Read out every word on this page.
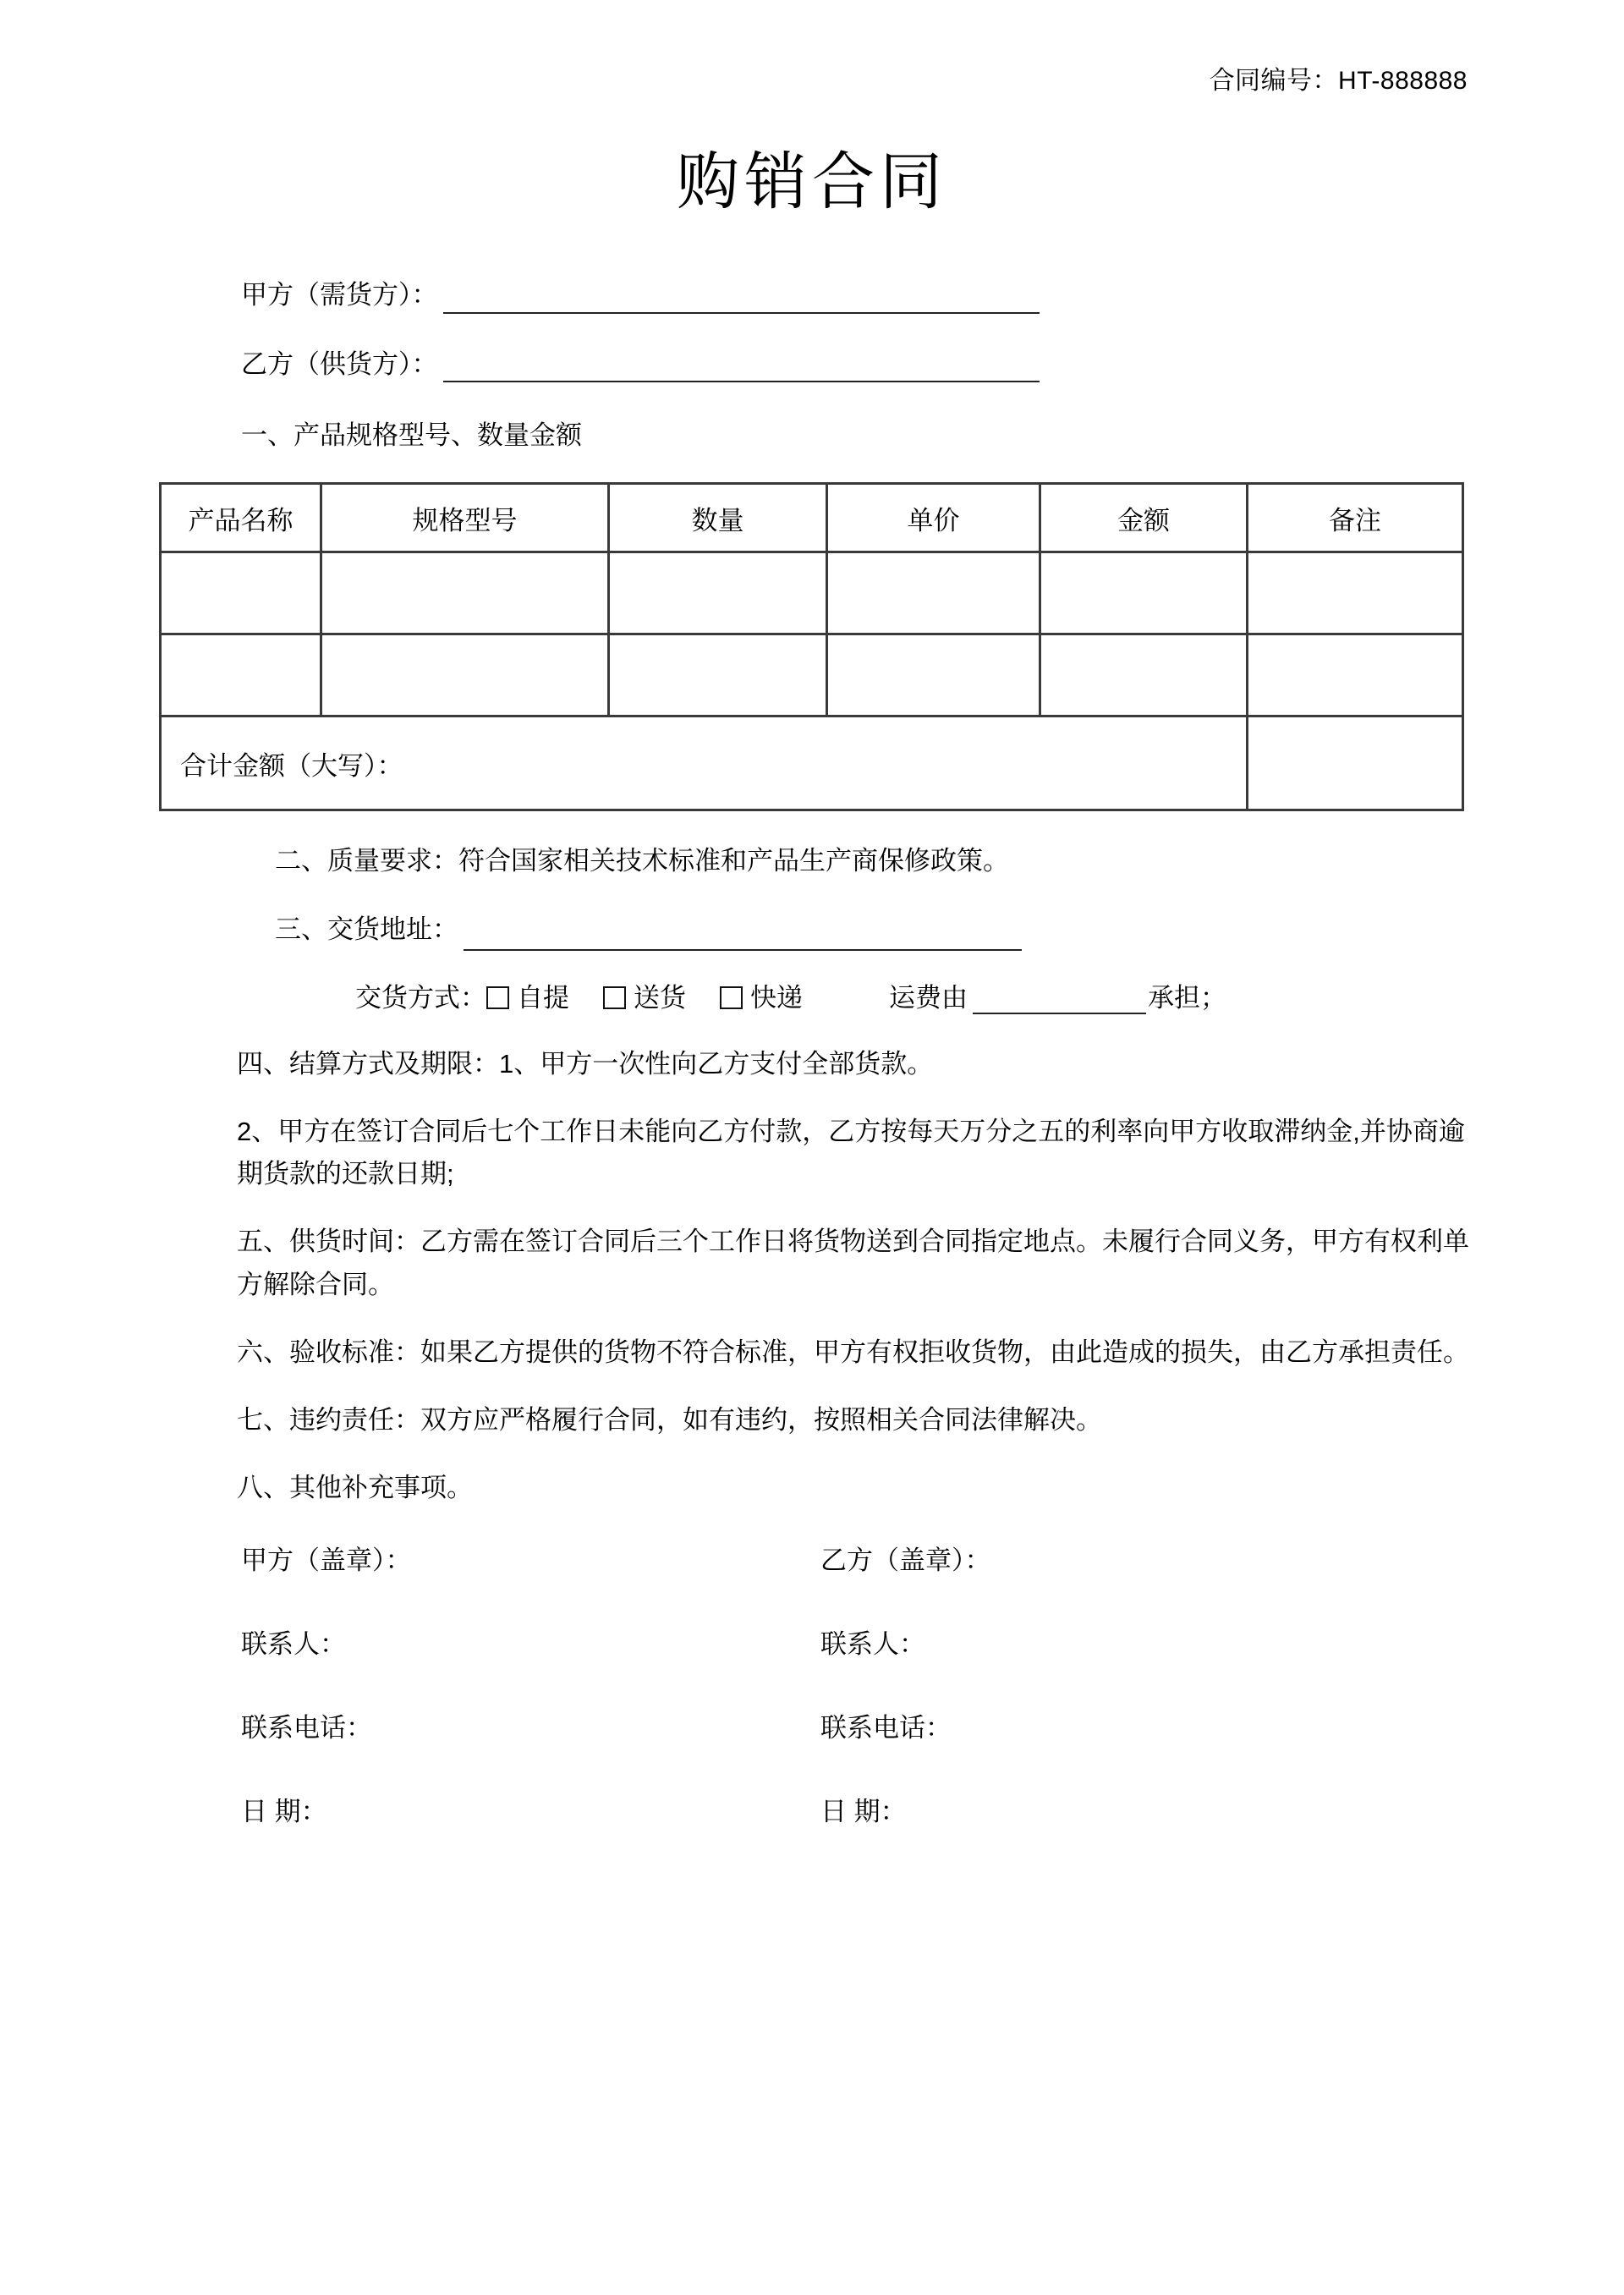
合同编号：HT-888888
购销合同
甲方（需货方）：
乙方（供货方）：
一、产品规格型号、数量金额
产品名称	规格型号	数量	单价	金额	备注

合计金额（大写）：					
二、质量要求：符合国家相关技术标准和产品生产商保修政策。
三、交货地址：
交货方式：	自提	送货	快递	运费由	承担；
四、结算方式及期限：1、甲方一次性向乙方支付全部货款。
2、甲方在签订合同后七个工作日未能向乙方付款，乙方按每天万分之五的利率向甲方收取滞纳金,并协商逾期货款的还款日期;
五、供货时间：乙方需在签订合同后三个工作日将货物送到合同指定地点。未履行合同义务，甲方有权利单方解除合同。
六、验收标准：如果乙方提供的货物不符合标准，甲方有权拒收货物，由此造成的损失，由乙方承担责任。
七、违约责任：双方应严格履行合同，如有违约，按照相关合同法律解决。
八、其他补充事项。
甲方（盖章）：	乙方（盖章）：
联系人：	联系人：
联系电话：	联系电话：
日 期：	日 期：
